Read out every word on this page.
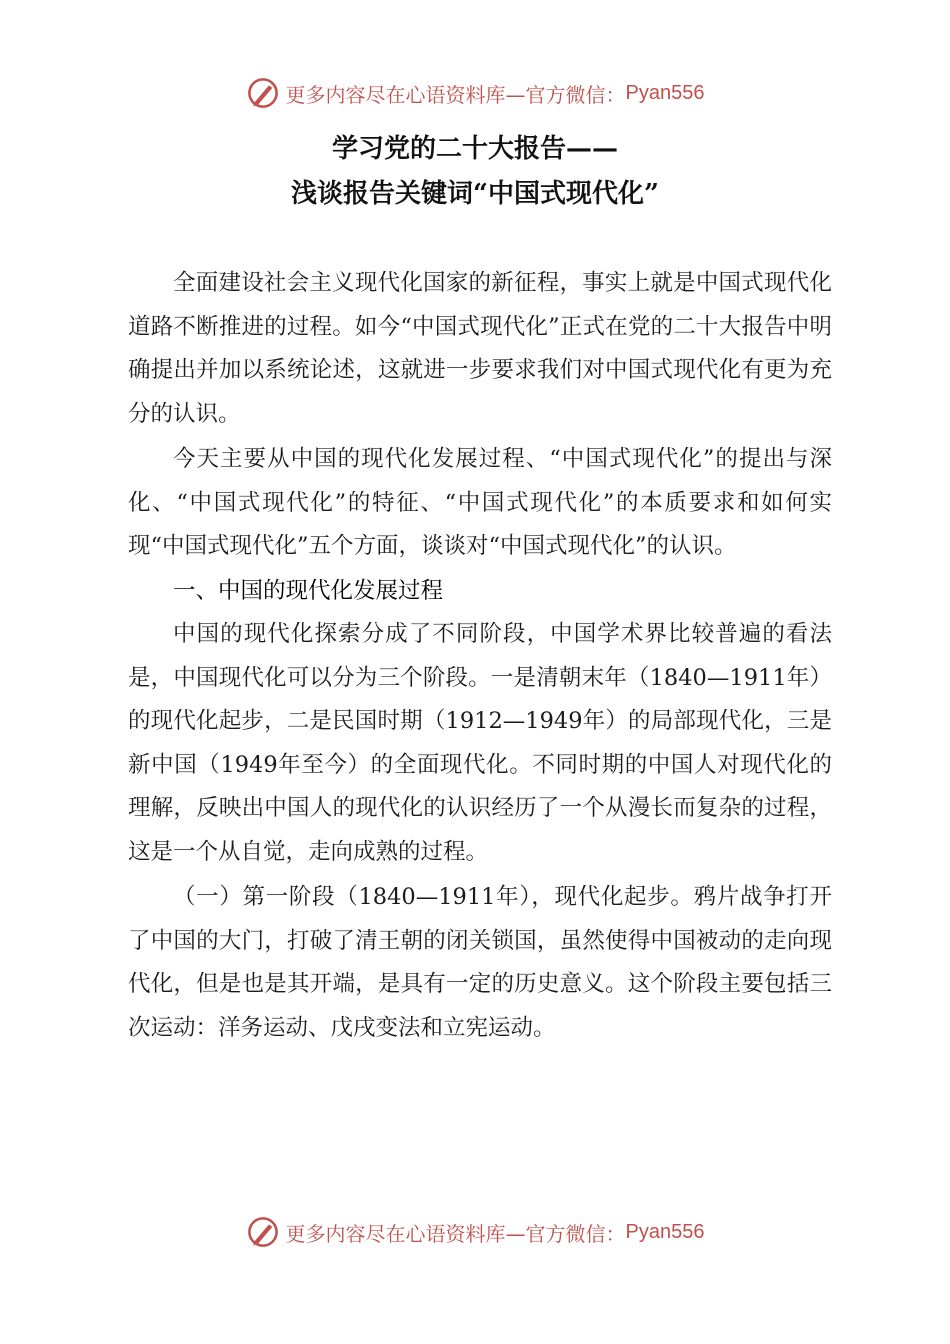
更多内容尽在心语资料库—官方微信： Pyan556
学习党的二十大报告——
浅谈报告关键词“中国式现代化”

全面建设社会主义现代化国家的新征程，事实上就是中国式现代化道路不断推进的过程。如今“中国式现代化”正式在党的二十大报告中明确提出并加以系统论述，这就进一步要求我们对中国式现代化有更为充分的认识。

今天主要从中国的现代化发展过程、“中国式现代化”的提出与深化、“中国式现代化”的特征、“中国式现代化”的本质要求和如何实现“中国式现代化”五个方面，谈谈对“中国式现代化”的认识。

一、中国的现代化发展过程

中国的现代化探索分成了不同阶段，中国学术界比较普遍的看法是，中国现代化可以分为三个阶段。一是清朝末年（1840—1911年）的现代化起步，二是民国时期（1912—1949年）的局部现代化，三是新中国（1949年至今）的全面现代化。不同时期的中国人对现代化的理解，反映出中国人的现代化的认识经历了一个从漫长而复杂的过程，这是一个从自觉，走向成熟的过程。

（一）第一阶段（1840—1911年），现代化起步。鸦片战争打开了中国的大门，打破了清王朝的闭关锁国，虽然使得中国被动的走向现代化，但是也是其开端，是具有一定的历史意义。这个阶段主要包括三次运动：洋务运动、戊戌变法和立宪运动。

更多内容尽在心语资料库—官方微信： Pyan556
